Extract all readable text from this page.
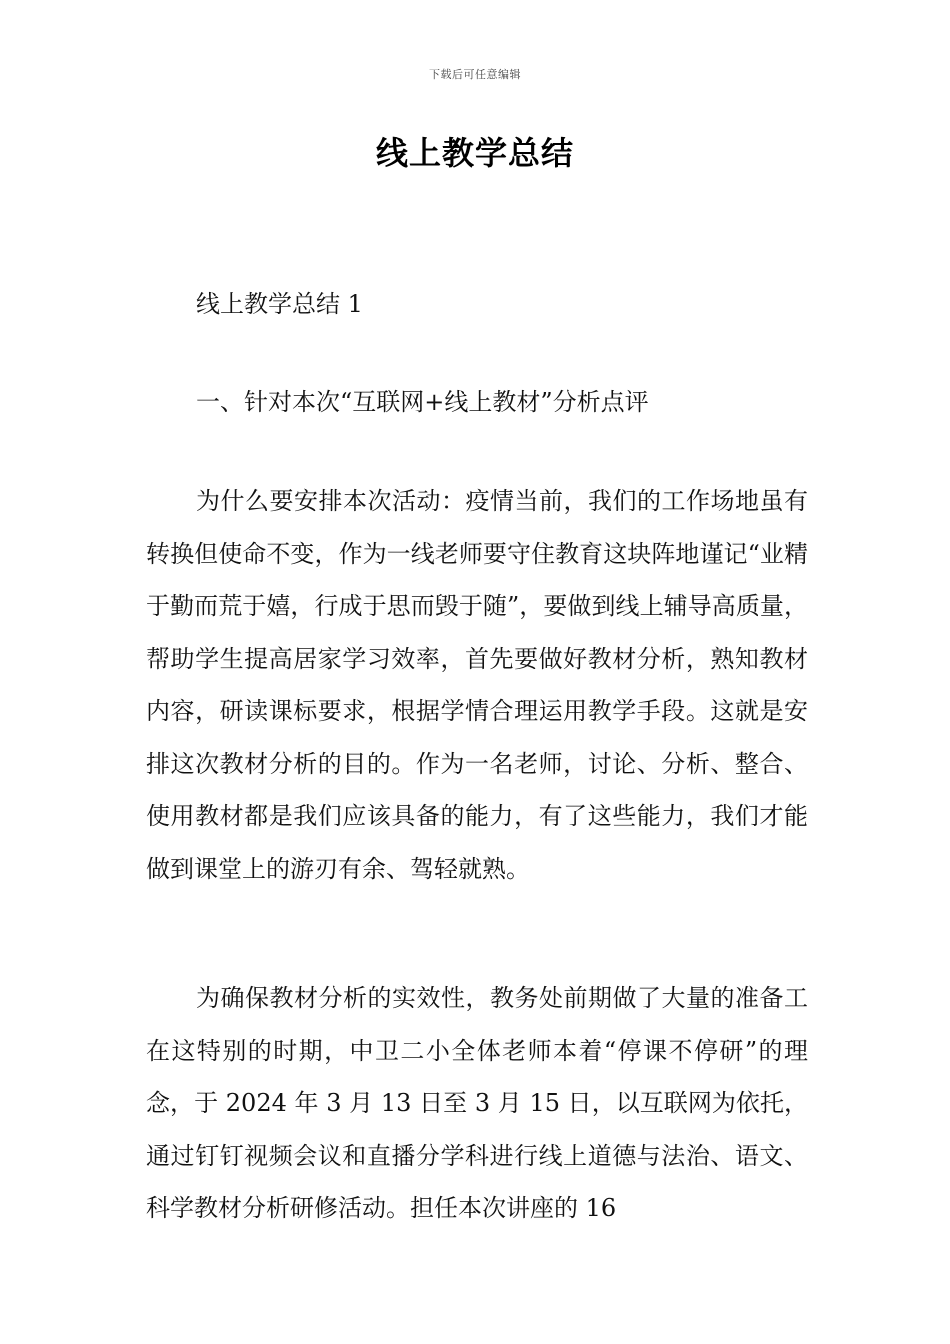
下载后可任意编辑
线上教学总结
线上教学总结 1
一、针对本次“互联网+线上教材”分析点评

为什么要安排本次活动：疫情当前，我们的工作场地虽有转换但使命不变，作为一线老师要守住教育这块阵地谨记“业精于勤而荒于嬉，行成于思而毁于随”，要做到线上辅导高质量，帮助学生提高居家学习效率，首先要做好教材分析，熟知教材内容，研读课标要求，根据学情合理运用教学手段。这就是安排这次教材分析的目的。作为一名老师，讨论、分析、整合、使用教材都是我们应该具备的能力，有了这些能力，我们才能做到课堂上的游刃有余、驾轻就熟。

为确保教材分析的实效性，教务处前期做了大量的准备工在这特别的时期，中卫二小全体老师本着“停课不停研”的理念，于 2024 年 3 月 13 日至 3 月 15 日，以互联网为依托，通过钉钉视频会议和直播分学科进行线上道德与法治、语文、科学教材分析研修活动。担任本次讲座的 16
